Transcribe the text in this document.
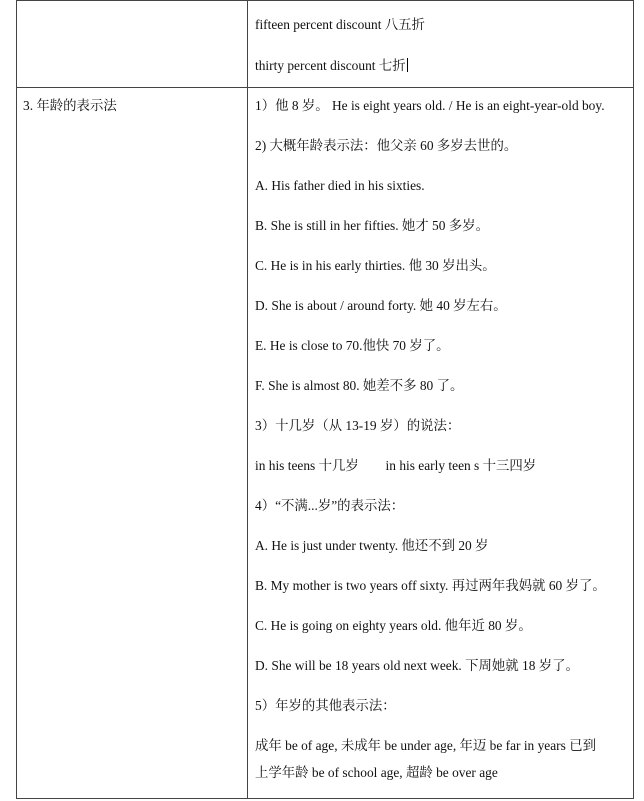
fifteen percent discount 八五折
thirty percent discount 七折
3. 年龄的表示法	1）他 8 岁。 He is eight years old. / He is an eight-year-old boy.
2) 大概年龄表示法：他父亲 60 多岁去世的。
A. His father died in his sixties.
B. She is still in her fifties. 她才 50 多岁。
C. He is in his early thirties. 他 30 岁出头。
D. She is about / around forty. 她 40 岁左右。
E. He is close to 70.他快 70 岁了。
F. She is almost 80. 她差不多 80 了。
3）十几岁（从 13-19 岁）的说法：
in his teens 十几岁        in his early teen s 十三四岁
4）“不满...岁”的表示法：
A. He is just under twenty. 他还不到 20 岁
B. My mother is two years off sixty. 再过两年我妈就 60 岁了。
C. He is going on eighty years old. 他年近 80 岁。
D. She will be 18 years old next week. 下周她就 18 岁了。
5）年岁的其他表示法：
成年 be of age, 未成年 be under age, 年迈 be far in years 已到
上学年龄 be of school age, 超龄 be over age
